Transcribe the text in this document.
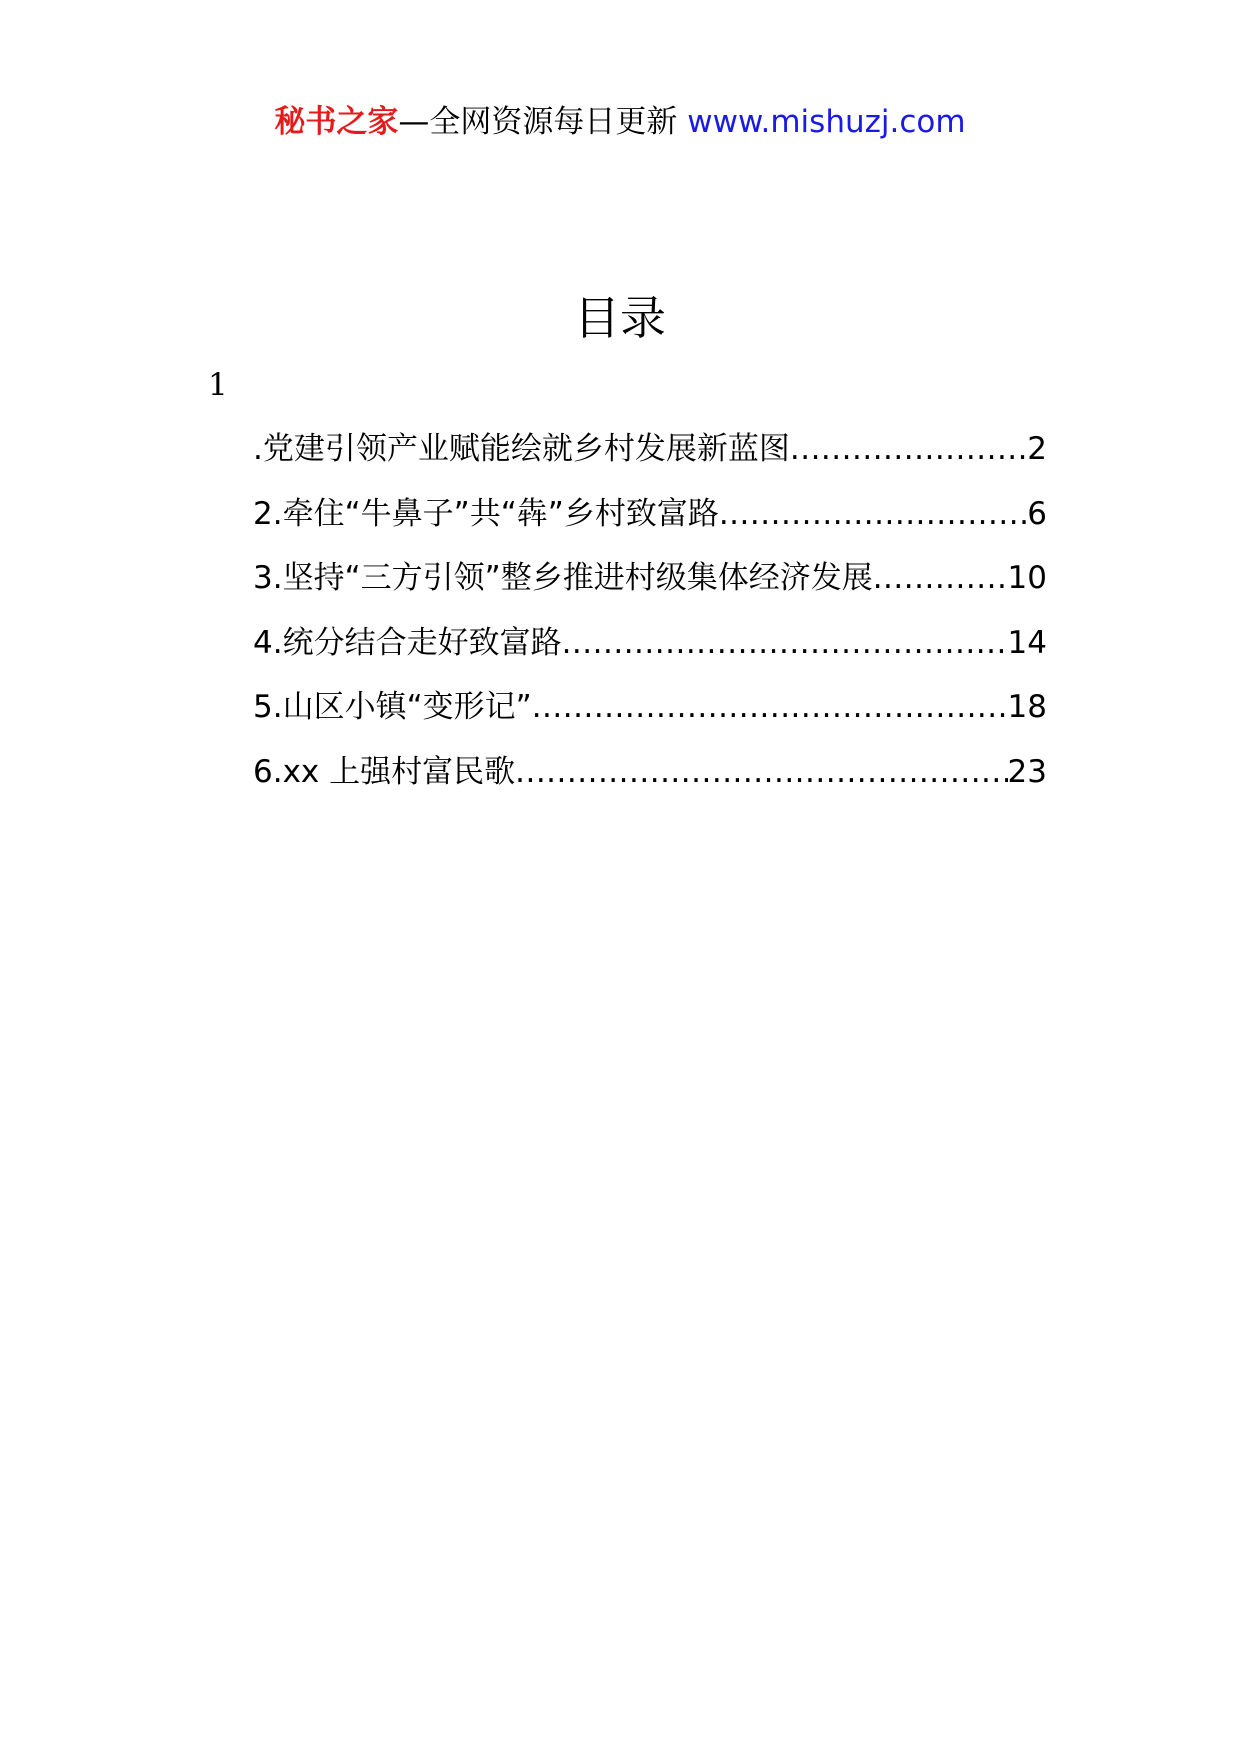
秘书之家—全网资源每日更新 www.mishuzj.com
目录
1
.党建引领产业赋能绘就乡村发展新蓝图 .....	2
2.牵住“牛鼻子”共“犇”乡村致富路 .....	6
3.坚持“三方引领”整乡推进村级集体经济发展 .....	10
4.统分结合走好致富路 .....	14
5.山区小镇“变形记” .....	18
6.xx 上强村富民歌 .....	23
